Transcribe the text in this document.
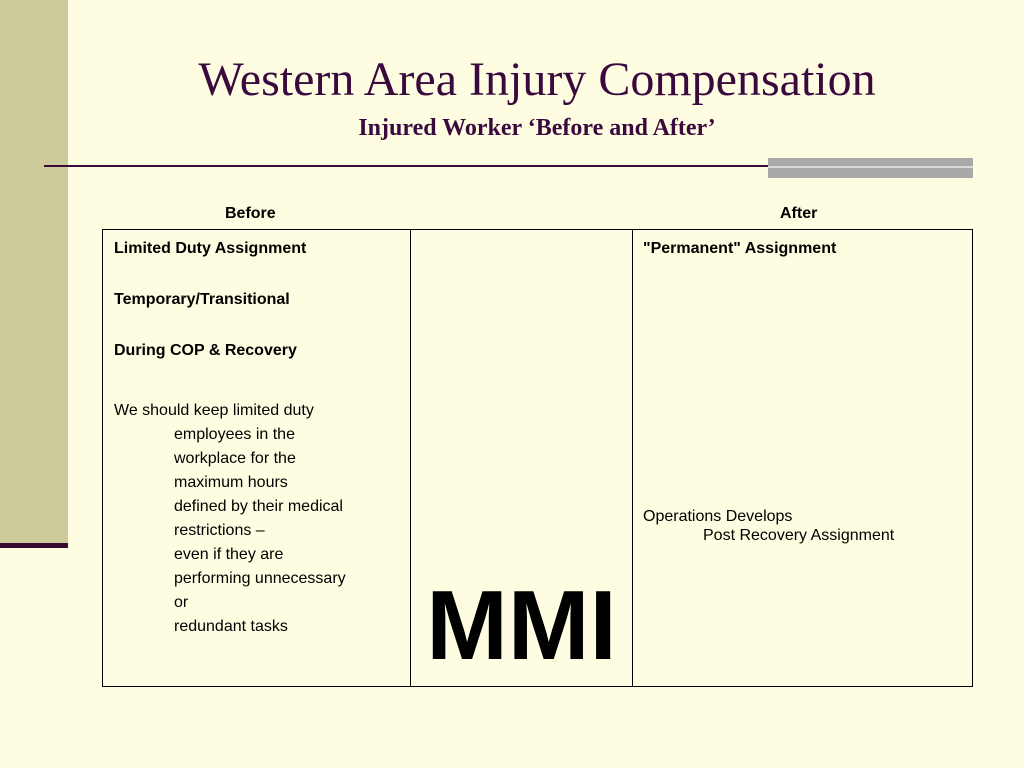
Western Area Injury Compensation
Injured Worker ‘Before and After’
Before	After
Limited Duty Assignment
Temporary/Transitional
During COP & Recovery
We should keep limited duty
employees in the
workplace for the
maximum hours
defined by their medical
restrictions –
even if they are
performing unnecessary
or
redundant tasks	MMI
"Permanent" Assignment
Operations Develops
Post Recovery Assignment
